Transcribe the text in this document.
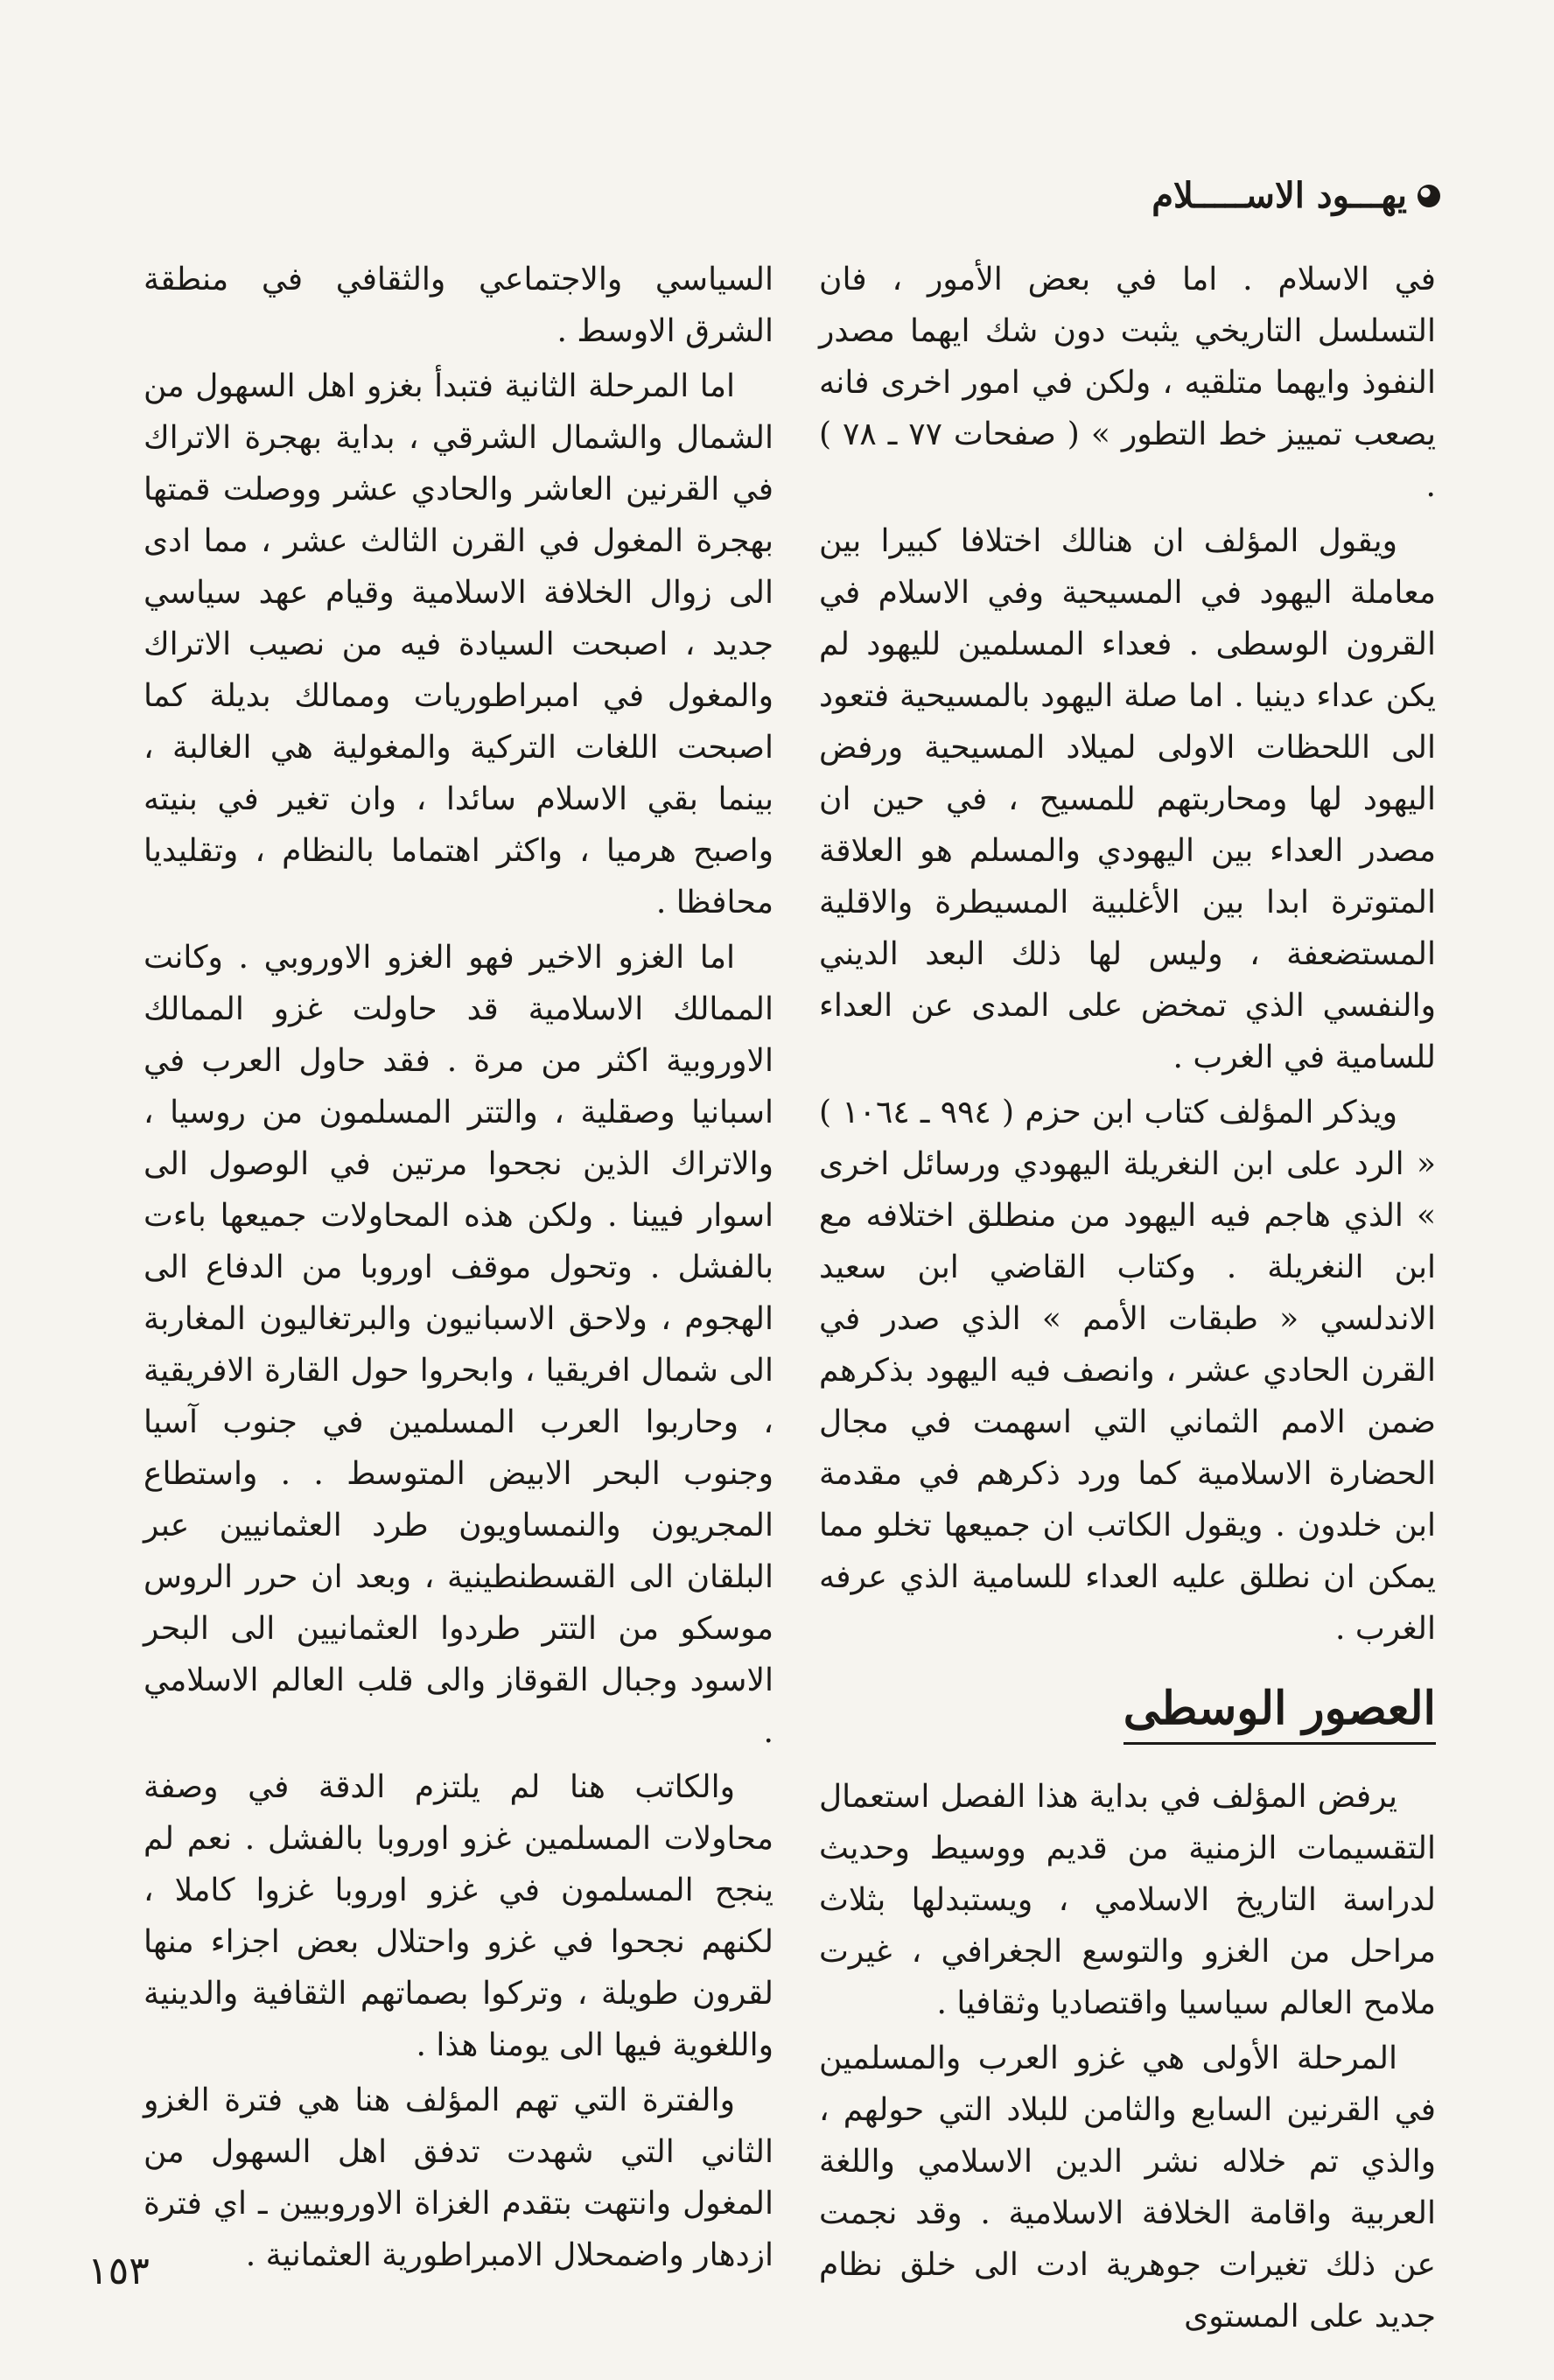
يهـــود الاســـــلام

في الاسلام . اما في بعض الأمور ، فان التسلسل التاريخي يثبت دون شك ايهما مصدر النفوذ وايهما متلقيه ، ولكن في امور اخرى فانه يصعب تمييز خط التطور » ( صفحات ٧٧ ـ ٧٨ ) .

ويقول المؤلف ان هنالك اختلافا كبيرا بين معاملة اليهود في المسيحية وفي الاسلام في القرون الوسطى . فعداء المسلمين لليهود لم يكن عداء دينيا . اما صلة اليهود بالمسيحية فتعود الى اللحظات الاولى لميلاد المسيحية ورفض اليهود لها ومحاربتهم للمسيح ، في حين ان مصدر العداء بين اليهودي والمسلم هو العلاقة المتوترة ابدا بين الأغلبية المسيطرة والاقلية المستضعفة ، وليس لها ذلك البعد الديني والنفسي الذي تمخض على المدى عن العداء للسامية في الغرب .

ويذكر المؤلف كتاب ابن حزم ( ٩٩٤ ـ ١٠٦٤ ) « الرد على ابن النغريلة اليهودي ورسائل اخرى » الذي هاجم فيه اليهود من منطلق اختلافه مع ابن النغريلة . وكتاب القاضي ابن سعيد الاندلسي « طبقات الأمم » الذي صدر في القرن الحادي عشر ، وانصف فيه اليهود بذكرهم ضمن الامم الثماني التي اسهمت في مجال الحضارة الاسلامية كما ورد ذكرهم في مقدمة ابن خلدون . ويقول الكاتب ان جميعها تخلو مما يمكن ان نطلق عليه العداء للسامية الذي عرفه الغرب .

العصور الوسطى

يرفض المؤلف في بداية هذا الفصل استعمال التقسيمات الزمنية من قديم ووسيط وحديث لدراسة التاريخ الاسلامي ، ويستبدلها بثلاث مراحل من الغزو والتوسع الجغرافي ، غيرت ملامح العالم سياسيا واقتصاديا وثقافيا .

المرحلة الأولى هي غزو العرب والمسلمين في القرنين السابع والثامن للبلاد التي حولهم ، والذي تم خلاله نشر الدين الاسلامي واللغة العربية واقامة الخلافة الاسلامية . وقد نجمت عن ذلك تغيرات جوهرية ادت الى خلق نظام جديد على المستوى

السياسي والاجتماعي والثقافي في منطقة الشرق الاوسط .

اما المرحلة الثانية فتبدأ بغزو اهل السهول من الشمال والشمال الشرقي ، بداية بهجرة الاتراك في القرنين العاشر والحادي عشر ووصلت قمتها بهجرة المغول في القرن الثالث عشر ، مما ادى الى زوال الخلافة الاسلامية وقيام عهد سياسي جديد ، اصبحت السيادة فيه من نصيب الاتراك والمغول في امبراطوريات وممالك بديلة كما اصبحت اللغات التركية والمغولية هي الغالبة ، بينما بقي الاسلام سائدا ، وان تغير في بنيته واصبح هرميا ، واكثر اهتماما بالنظام ، وتقليديا محافظا .

اما الغزو الاخير فهو الغزو الاوروبي . وكانت الممالك الاسلامية قد حاولت غزو الممالك الاوروبية اكثر من مرة . فقد حاول العرب في اسبانيا وصقلية ، والتتر المسلمون من روسيا ، والاتراك الذين نجحوا مرتين في الوصول الى اسوار فيينا . ولكن هذه المحاولات جميعها باءت بالفشل . وتحول موقف اوروبا من الدفاع الى الهجوم ، ولاحق الاسبانيون والبرتغاليون المغاربة الى شمال افريقيا ، وابحروا حول القارة الافريقية ، وحاربوا العرب المسلمين في جنوب آسيا وجنوب البحر الابيض المتوسط . . واستطاع المجريون والنمساويون طرد العثمانيين عبر البلقان الى القسطنطينية ، وبعد ان حرر الروس موسكو من التتر طردوا العثمانيين الى البحر الاسود وجبال القوقاز والى قلب العالم الاسلامي .

والكاتب هنا لم يلتزم الدقة في وصفة محاولات المسلمين غزو اوروبا بالفشل . نعم لم ينجح المسلمون في غزو اوروبا غزوا كاملا ، لكنهم نجحوا في غزو واحتلال بعض اجزاء منها لقرون طويلة ، وتركوا بصماتهم الثقافية والدينية واللغوية فيها الى يومنا هذا .

والفترة التي تهم المؤلف هنا هي فترة الغزو الثاني التي شهدت تدفق اهل السهول من المغول وانتهت بتقدم الغزاة الاوروبيين ـ اي فترة ازدهار واضمحلال الامبراطورية العثمانية .

١٥٣
